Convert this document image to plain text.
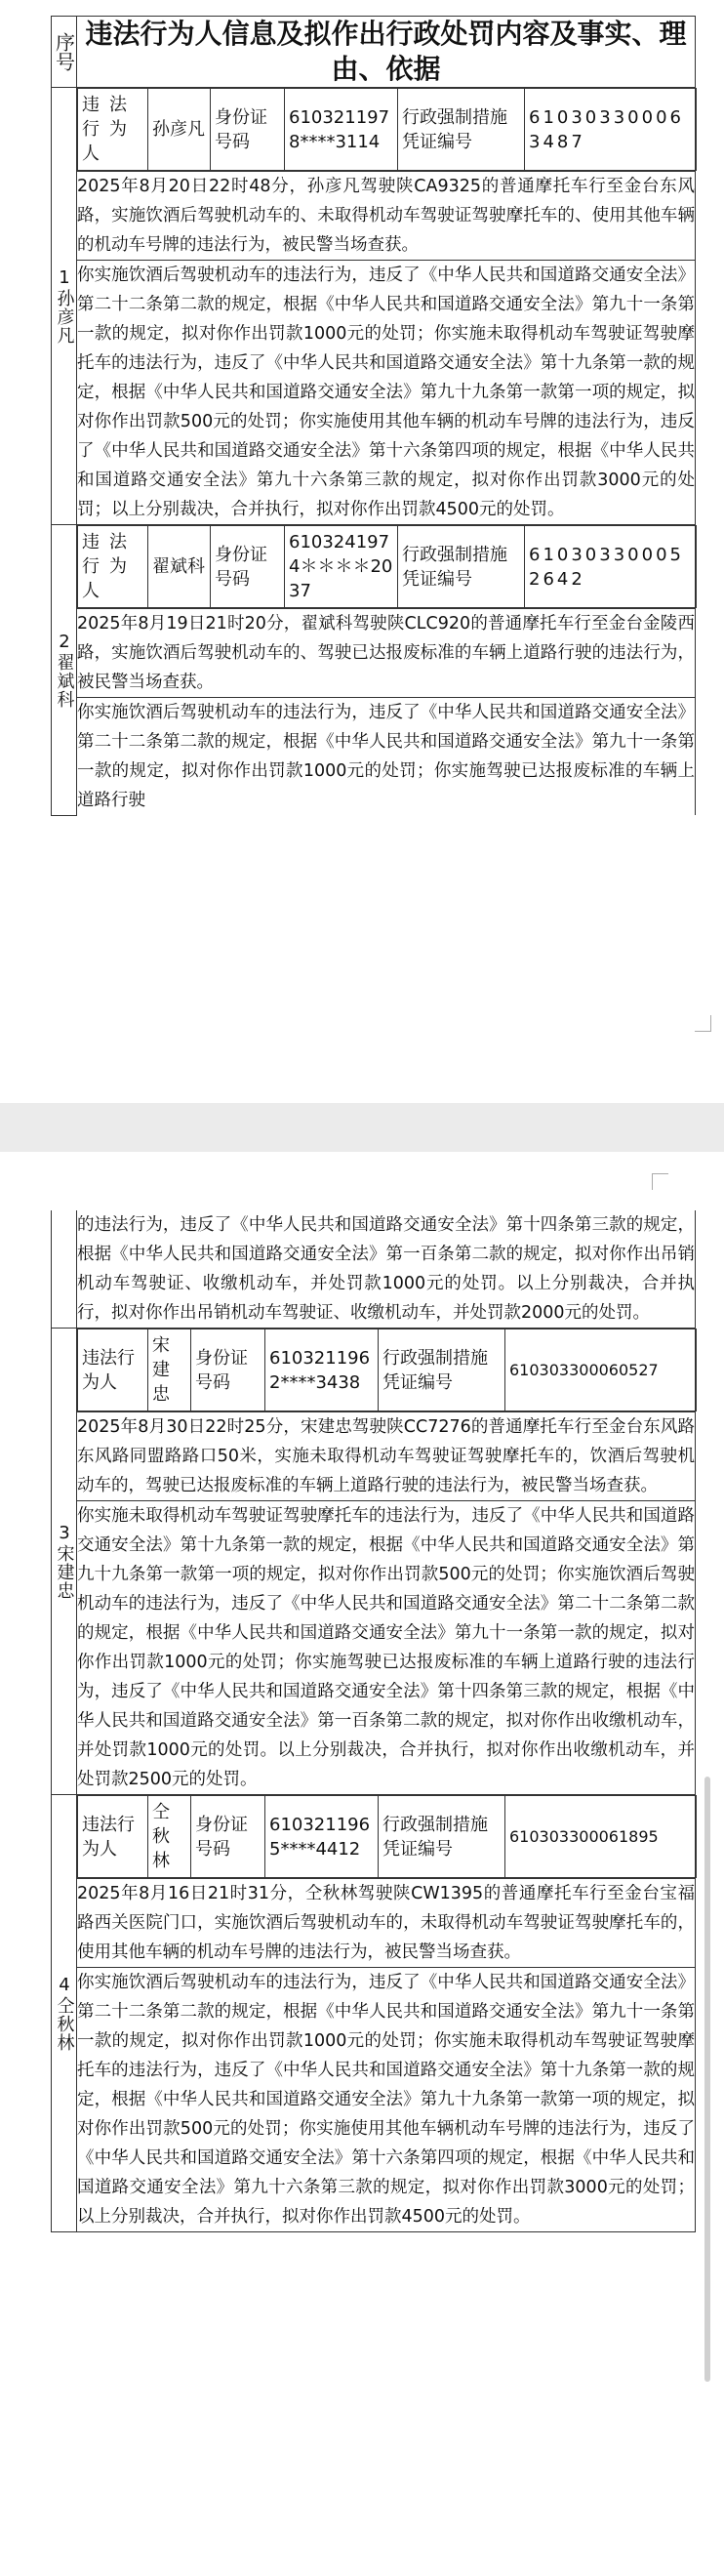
序号	违法行为人信息及拟作出行政处罚内容及事实、理由、依据
1孙彦凡	
违法行为人	孙彦凡	身份证号码	6103211978****3114	行政强制措施凭证编号	610303300063487

2025年8月20日22时48分，孙彦凡驾驶陕CA9325的普通摩托车行至金台东风路，实施饮酒后驾驶机动车的、未取得机动车驾驶证驾驶摩托车的、使用其他车辆的机动车号牌的违法行为，被民警当场查获。
你实施饮酒后驾驶机动车的违法行为，违反了《中华人民共和国道路交通安全法》第二十二条第二款的规定，根据《中华人民共和国道路交通安全法》第九十一条第一款的规定，拟对你作出罚款1000元的处罚；你实施未取得机动车驾驶证驾驶摩托车的违法行为，违反了《中华人民共和国道路交通安全法》第十九条第一款的规定，根据《中华人民共和国道路交通安全法》第九十九条第一款第一项的规定，拟对你作出罚款500元的处罚；你实施使用其他车辆的机动车号牌的违法行为，违反了《中华人民共和国道路交通安全法》第十六条第四项的规定，根据《中华人民共和国道路交通安全法》第九十六条第三款的规定，拟对你作出罚款3000元的处罚；以上分别裁决，合并执行，拟对你作出罚款4500元的处罚。
2翟斌科	
违法行为人	翟斌科	身份证号码	6103241974＊＊＊＊2037	行政强制措施凭证编号	610303300052642

2025年8月19日21时20分，翟斌科驾驶陕CLC920的普通摩托车行至金台金陵西路，实施饮酒后驾驶机动车的、驾驶已达报废标准的车辆上道路行驶的违法行为，被民警当场查获。
你实施饮酒后驾驶机动车的违法行为，违反了《中华人民共和国道路交通安全法》第二十二条第二款的规定，根据《中华人民共和国道路交通安全法》第九十一条第一款的规定，拟对你作出罚款1000元的处罚；你实施驾驶已达报废标准的车辆上道路行驶
	的违法行为，违反了《中华人民共和国道路交通安全法》第十四条第三款的规定，根据《中华人民共和国道路交通安全法》第一百条第二款的规定，拟对你作出吊销机动车驾驶证、收缴机动车，并处罚款1000元的处罚。以上分别裁决，合并执行，拟对你作出吊销机动车驾驶证、收缴机动车，并处罚款2000元的处罚。
3宋建忠	
违法行为人	宋建忠	身份证号码	6103211962****3438	行政强制措施凭证编号	610303300060527

2025年8月30日22时25分，宋建忠驾驶陕CC7276的普通摩托车行至金台东风路东风路同盟路路口50米，实施未取得机动车驾驶证驾驶摩托车的，饮酒后驾驶机动车的，驾驶已达报废标准的车辆上道路行驶的违法行为，被民警当场查获。
你实施未取得机动车驾驶证驾驶摩托车的违法行为，违反了《中华人民共和国道路交通安全法》第十九条第一款的规定，根据《中华人民共和国道路交通安全法》第九十九条第一款第一项的规定，拟对你作出罚款500元的处罚；你实施饮酒后驾驶机动车的违法行为，违反了《中华人民共和国道路交通安全法》第二十二条第二款的规定，根据《中华人民共和国道路交通安全法》第九十一条第一款的规定，拟对你作出罚款1000元的处罚；你实施驾驶已达报废标准的车辆上道路行驶的违法行为，违反了《中华人民共和国道路交通安全法》第十四条第三款的规定，根据《中华人民共和国道路交通安全法》第一百条第二款的规定，拟对你作出收缴机动车，并处罚款1000元的处罚。以上分别裁决，合并执行，拟对你作出收缴机动车，并处罚款2500元的处罚。
4仝秋林	
违法行为人	仝秋林	身份证号码	6103211965****4412	行政强制措施凭证编号	610303300061895

2025年8月16日21时31分，仝秋林驾驶陕CW1395的普通摩托车行至金台宝福路西关医院门口，实施饮酒后驾驶机动车的，未取得机动车驾驶证驾驶摩托车的，使用其他车辆的机动车号牌的违法行为，被民警当场查获。
你实施饮酒后驾驶机动车的违法行为，违反了《中华人民共和国道路交通安全法》第二十二条第二款的规定，根据《中华人民共和国道路交通安全法》第九十一条第一款的规定，拟对你作出罚款1000元的处罚；你实施未取得机动车驾驶证驾驶摩托车的违法行为，违反了《中华人民共和国道路交通安全法》第十九条第一款的规定，根据《中华人民共和国道路交通安全法》第九十九条第一款第一项的规定，拟对你作出罚款500元的处罚；你实施使用其他车辆机动车号牌的违法行为，违反了《中华人民共和国道路交通安全法》第十六条第四项的规定，根据《中华人民共和国道路交通安全法》第九十六条第三款的规定，拟对你作出罚款3000元的处罚；以上分别裁决，合并执行，拟对你作出罚款4500元的处罚。
